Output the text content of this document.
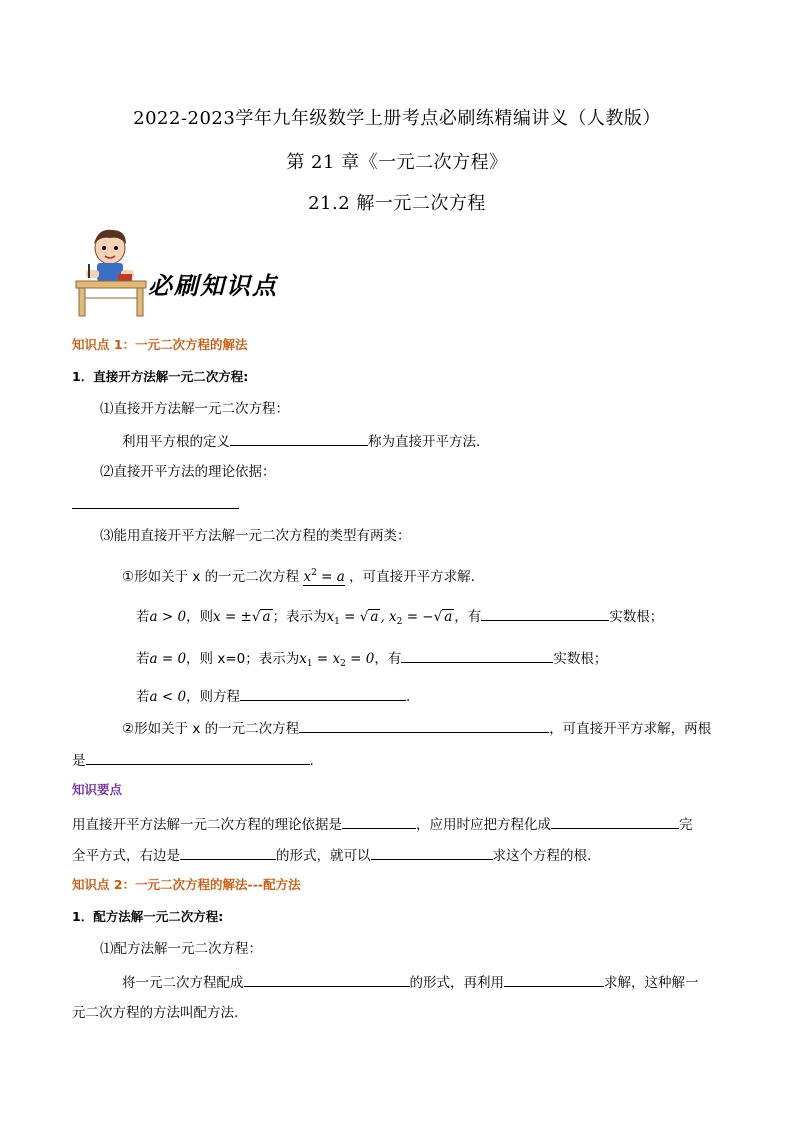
2022-2023学年九年级数学上册考点必刷练精编讲义（人教版）
第 21 章《一元二次方程》
21.2 解一元二次方程
必刷知识点
知识点 1：一元二次方程的解法
1．直接开方法解一元二次方程:
⑴直接开方法解一元二次方程：
利用平方根的定义	称为直接开平方法.
⑵直接开平方法的理论依据：
⑶能用直接开平方法解一元二次方程的类型有两类：
①形如关于 x 的一元二次方程 $x^2 = a$ ，可直接开平方求解.
若a > 0，则x = ±√ a ；表示为$x_1$ = √ a , $x_2$ = −√ a ，有	实数根；
若a = 0，则 x=0；表示为$x_1 = x_2 = 0$，有	实数根；
若a < 0，则方程	.
②形如关于 x 的一元二次方程	，可直接开平方求解，两根
是	.
知识要点
用直接开平方法解一元二次方程的理论依据是	，应用时应把方程化成	完
全平方式，右边是	的形式，就可以	求这个方程的根.
知识点 2：一元二次方程的解法---配方法
1．配方法解一元二次方程:
⑴配方法解一元二次方程：
将一元二次方程配成	的形式，再利用	求解，这种解一
元二次方程的方法叫配方法.
